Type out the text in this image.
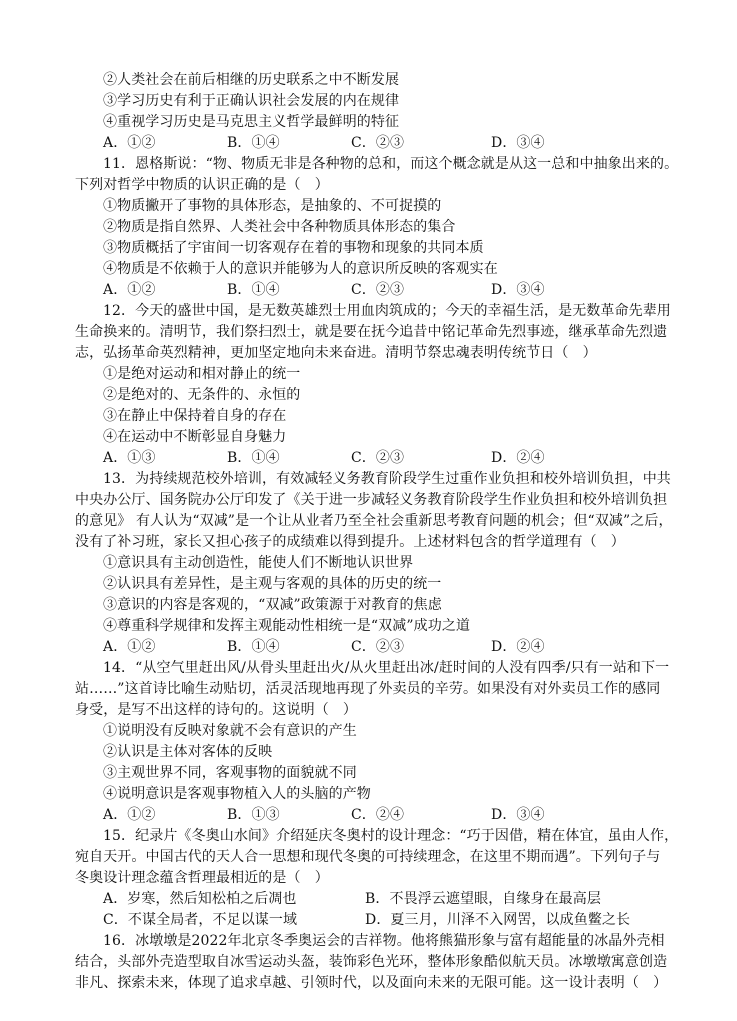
②人类社会在前后相继的历史联系之中不断发展
③学习历史有利于正确认识社会发展的内在规律
④重视学习历史是马克思主义哲学最鲜明的特征
A．①②	B．①④	C．②③	D．③④
11．恩格斯说：“物、物质无非是各种物的总和，而这个概念就是从这一总和中抽象出来的。
下列对哲学中物质的认识正确的是（　）
①物质撇开了事物的具体形态，是抽象的、不可捉摸的
②物质是指自然界、人类社会中各种物质具体形态的集合
③物质概括了宇宙间一切客观存在着的事物和现象的共同本质
④物质是不依赖于人的意识并能够为人的意识所反映的客观实在
A．①②	B．①④	C．②③	D．③④
12．今天的盛世中国，是无数英雄烈士用血肉筑成的；今天的幸福生活，是无数革命先辈用
生命换来的。清明节，我们祭扫烈士，就是要在抚今追昔中铭记革命先烈事迹，继承革命先烈遗
志，弘扬革命英烈精神，更加坚定地向未来奋进。清明节祭忠魂表明传统节日（　）
①是绝对运动和相对静止的统一
②是绝对的、无条件的、永恒的
③在静止中保持着自身的存在
④在运动中不断彰显自身魅力
A．①③	B．①④	C．②③	D．②④
13．为持续规范校外培训，有效减轻义务教育阶段学生过重作业负担和校外培训负担，中共
中央办公厅、国务院办公厅印发了《关于进一步减轻义务教育阶段学生作业负担和校外培训负担
的意见》 有人认为“双减”是一个让从业者乃至全社会重新思考教育问题的机会；但“双减”之后，
没有了补习班，家长又担心孩子的成绩难以得到提升。上述材料包含的哲学道理有（　）
①意识具有主动创造性，能使人们不断地认识世界
②认识具有差异性，是主观与客观的具体的历史的统一
③意识的内容是客观的，“双减”政策源于对教育的焦虑
④尊重科学规律和发挥主观能动性相统一是“双减”成功之道
A．①②	B．①④	C．②③	D．②④
14．“从空气里赶出风/从骨头里赶出火/从火里赶出冰/赶时间的人没有四季/只有一站和下一
站……”这首诗比喻生动贴切，活灵活现地再现了外卖员的辛劳。如果没有对外卖员工作的感同
身受，是写不出这样的诗句的。这说明（　）
①说明没有反映对象就不会有意识的产生
②认识是主体对客体的反映
③主观世界不同，客观事物的面貌就不同
④说明意识是客观事物植入人的头脑的产物
A．①②	B．①③	C．②④	D．③④
15．纪录片《冬奥山水间》介绍延庆冬奥村的设计理念：“巧于因借，精在体宜，虽由人作，
宛自天开。中国古代的天人合一思想和现代冬奥的可持续理念，在这里不期而遇”。下列句子与
冬奥设计理念蕴含哲理最相近的是（　）
A．岁寒，然后知松柏之后凋也	B．不畏浮云遮望眼，自缘身在最高层
C．不谋全局者，不足以谋一域	D．夏三月，川泽不入网罟，以成鱼鳖之长
16．冰墩墩是2022年北京冬季奥运会的吉祥物。他将熊猫形象与富有超能量的冰晶外壳相
结合，头部外壳造型取自冰雪运动头盔，装饰彩色光环，整体形象酷似航天员。冰墩墩寓意创造
非凡、探索未来，体现了追求卓越、引领时代，以及面向未来的无限可能。这一设计表明（　）
